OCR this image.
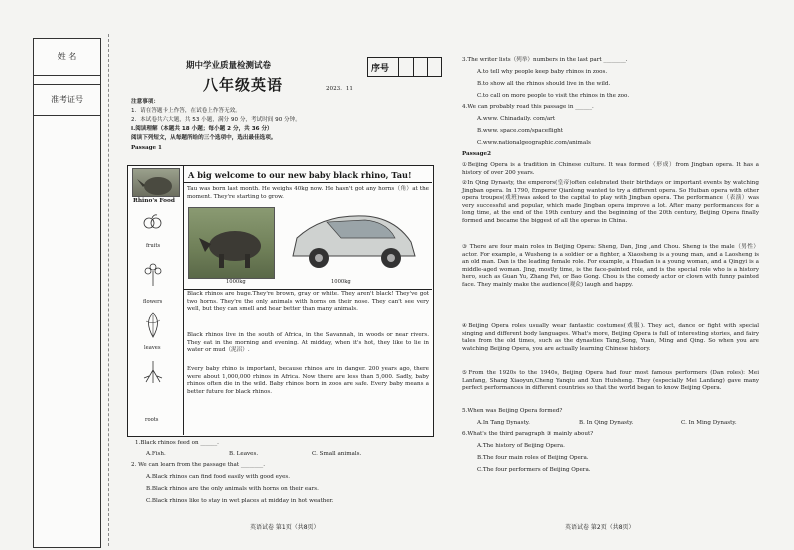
姓 名
准考证号
期中学业质量检测试卷
八年级英语	2023．11
序号
注意事项：
1．请在答题卡上作答，在试卷上作答无效。
2．本试卷共六大题，共 53 小题，满分 90 分，考试时间 90 分钟。
Ⅰ.阅读理解（本题共 18 小题；每小题 2 分，共 36 分）
阅读下列短文，从每题所给的三个选项中，选出最佳选项。
Passage 1
Rhino's Food
fruits
flowers
leaves
roots
A big welcome to our new baby black rhino, Tau!
Tau was born last month. He weighs 40kg now. He hasn't got any horns（角）at the moment. They're starting to grow.
1000kg	1000kg
Black rhinos are huge.They're brown, gray or white. They aren't black! They've got two horns. They're the only animals with horns on their nose. They can't see very well, but they can smell and hear better than many animals.
Black rhinos live in the south of Africa, in the Savannah, in woods or near rivers. They eat in the morning and evening. At midday, when it's hot, they like to lie in water or mud（泥沼）.
Every baby rhino is important, because rhinos are in danger. 200 years ago, there were about 1,000,000 rhinos in Africa. Now there are less than 5,000. Sadly, baby rhinos often die in the wild. Baby rhinos born in zoos are safe. Every baby means a better future for black rhinos.
1.Black rhinos feed on ______.
A.Fish.	B. Leaves.	C. Small animals.
2. We can learn from the passage that ________.
A.Black rhinos can find food easily with good eyes.
B.Black rhinos are the only animals with horns on their ears.
C.Black rhinos like to stay in wet places at midday in hot weather.
英语试卷 第1页（共8页）
3.The writer lists（列举）numbers in the last part ________.
A.to tell why people keep baby rhinos in zoos.
B.to show all the rhinos should live in the wild.
C.to call on more people to visit the rhinos in the zoo.
4.We can probably read this passage in ______.
A.www. Chinadaily. com/art
B.www. space.com/spaceflight
C.www.nationalgeographic.com/animals
Passage2
①Beijing Opera is a tradition in Chinese culture. It was formed（形成）from Jingban opera. It has a history of over 200 years.
②In Qing Dynasty, the emperors(皇帝)often celebrated their birthdays or important events by watching Jingban opera. In 1790, Emperor Qianlong wanted to try a different opera. So Huiban opera with other opera troupes(戏班)was asked to the capital to play with Jingban opera. The performance（表演）was very successful and popular, which made Jingban opera improve a lot. After many performances for a long time, at the end of the 19th century and the beginning of the 20th century, Beijing Opera finally formed and became the biggest of all the operas in China.
③ There are four main roles in Beijing Opera: Sheng, Dan, Jing ,and Chou. Sheng is the male（男性）actor. For example, a Wusheng is a soldier or a fighter, a Xiaosheng is a young man, and a Laosheng is an old man. Dan is the leading female role. For example, a Huadan is a young woman, and a Qingyi is a middle-aged woman. Jing, mostly time, is the face-painted role, and is the special role who is a history hero, such as Guan Yu, Zhang Fei, or Bao Gong. Chou is the comedy actor or clown with funny painted face. They mainly make the audience(观众) laugh and happy.
④Beijing Opera roles usually wear fantastic costumes(戏服). They act, dance or fight with special singing and different body languages. What's more, Beijing Opera is full of interesting stories, and fairy tales from the old times, such as the dynasties Tang,Song, Yuan, Ming and Qing. So when you are watching Beijing Opera, you are actually learning Chinese history.
⑤From the 1920s to the 1940s, Beijing Opera had four most famous performers (Dan roles): Mei Lanfang, Shang Xiaoyun,Cheng Yanqiu and Xun Huisheng. They (especially Mei Lanfang) gave many perfect performances in different countries so that the world began to know Beijing Opera.
5.When was Beijing Opera formed?
A.In Tang Dynasty.	B. In Qing Dynasty.	C. In Ming Dynasty.
6.What's the third paragraph ③ mainly about?
A.The history of Beijing Opera.
B.The four main roles of Beijing Opera.
C.The four performers of Beijing Opera.
英语试卷 第2页（共8页）
